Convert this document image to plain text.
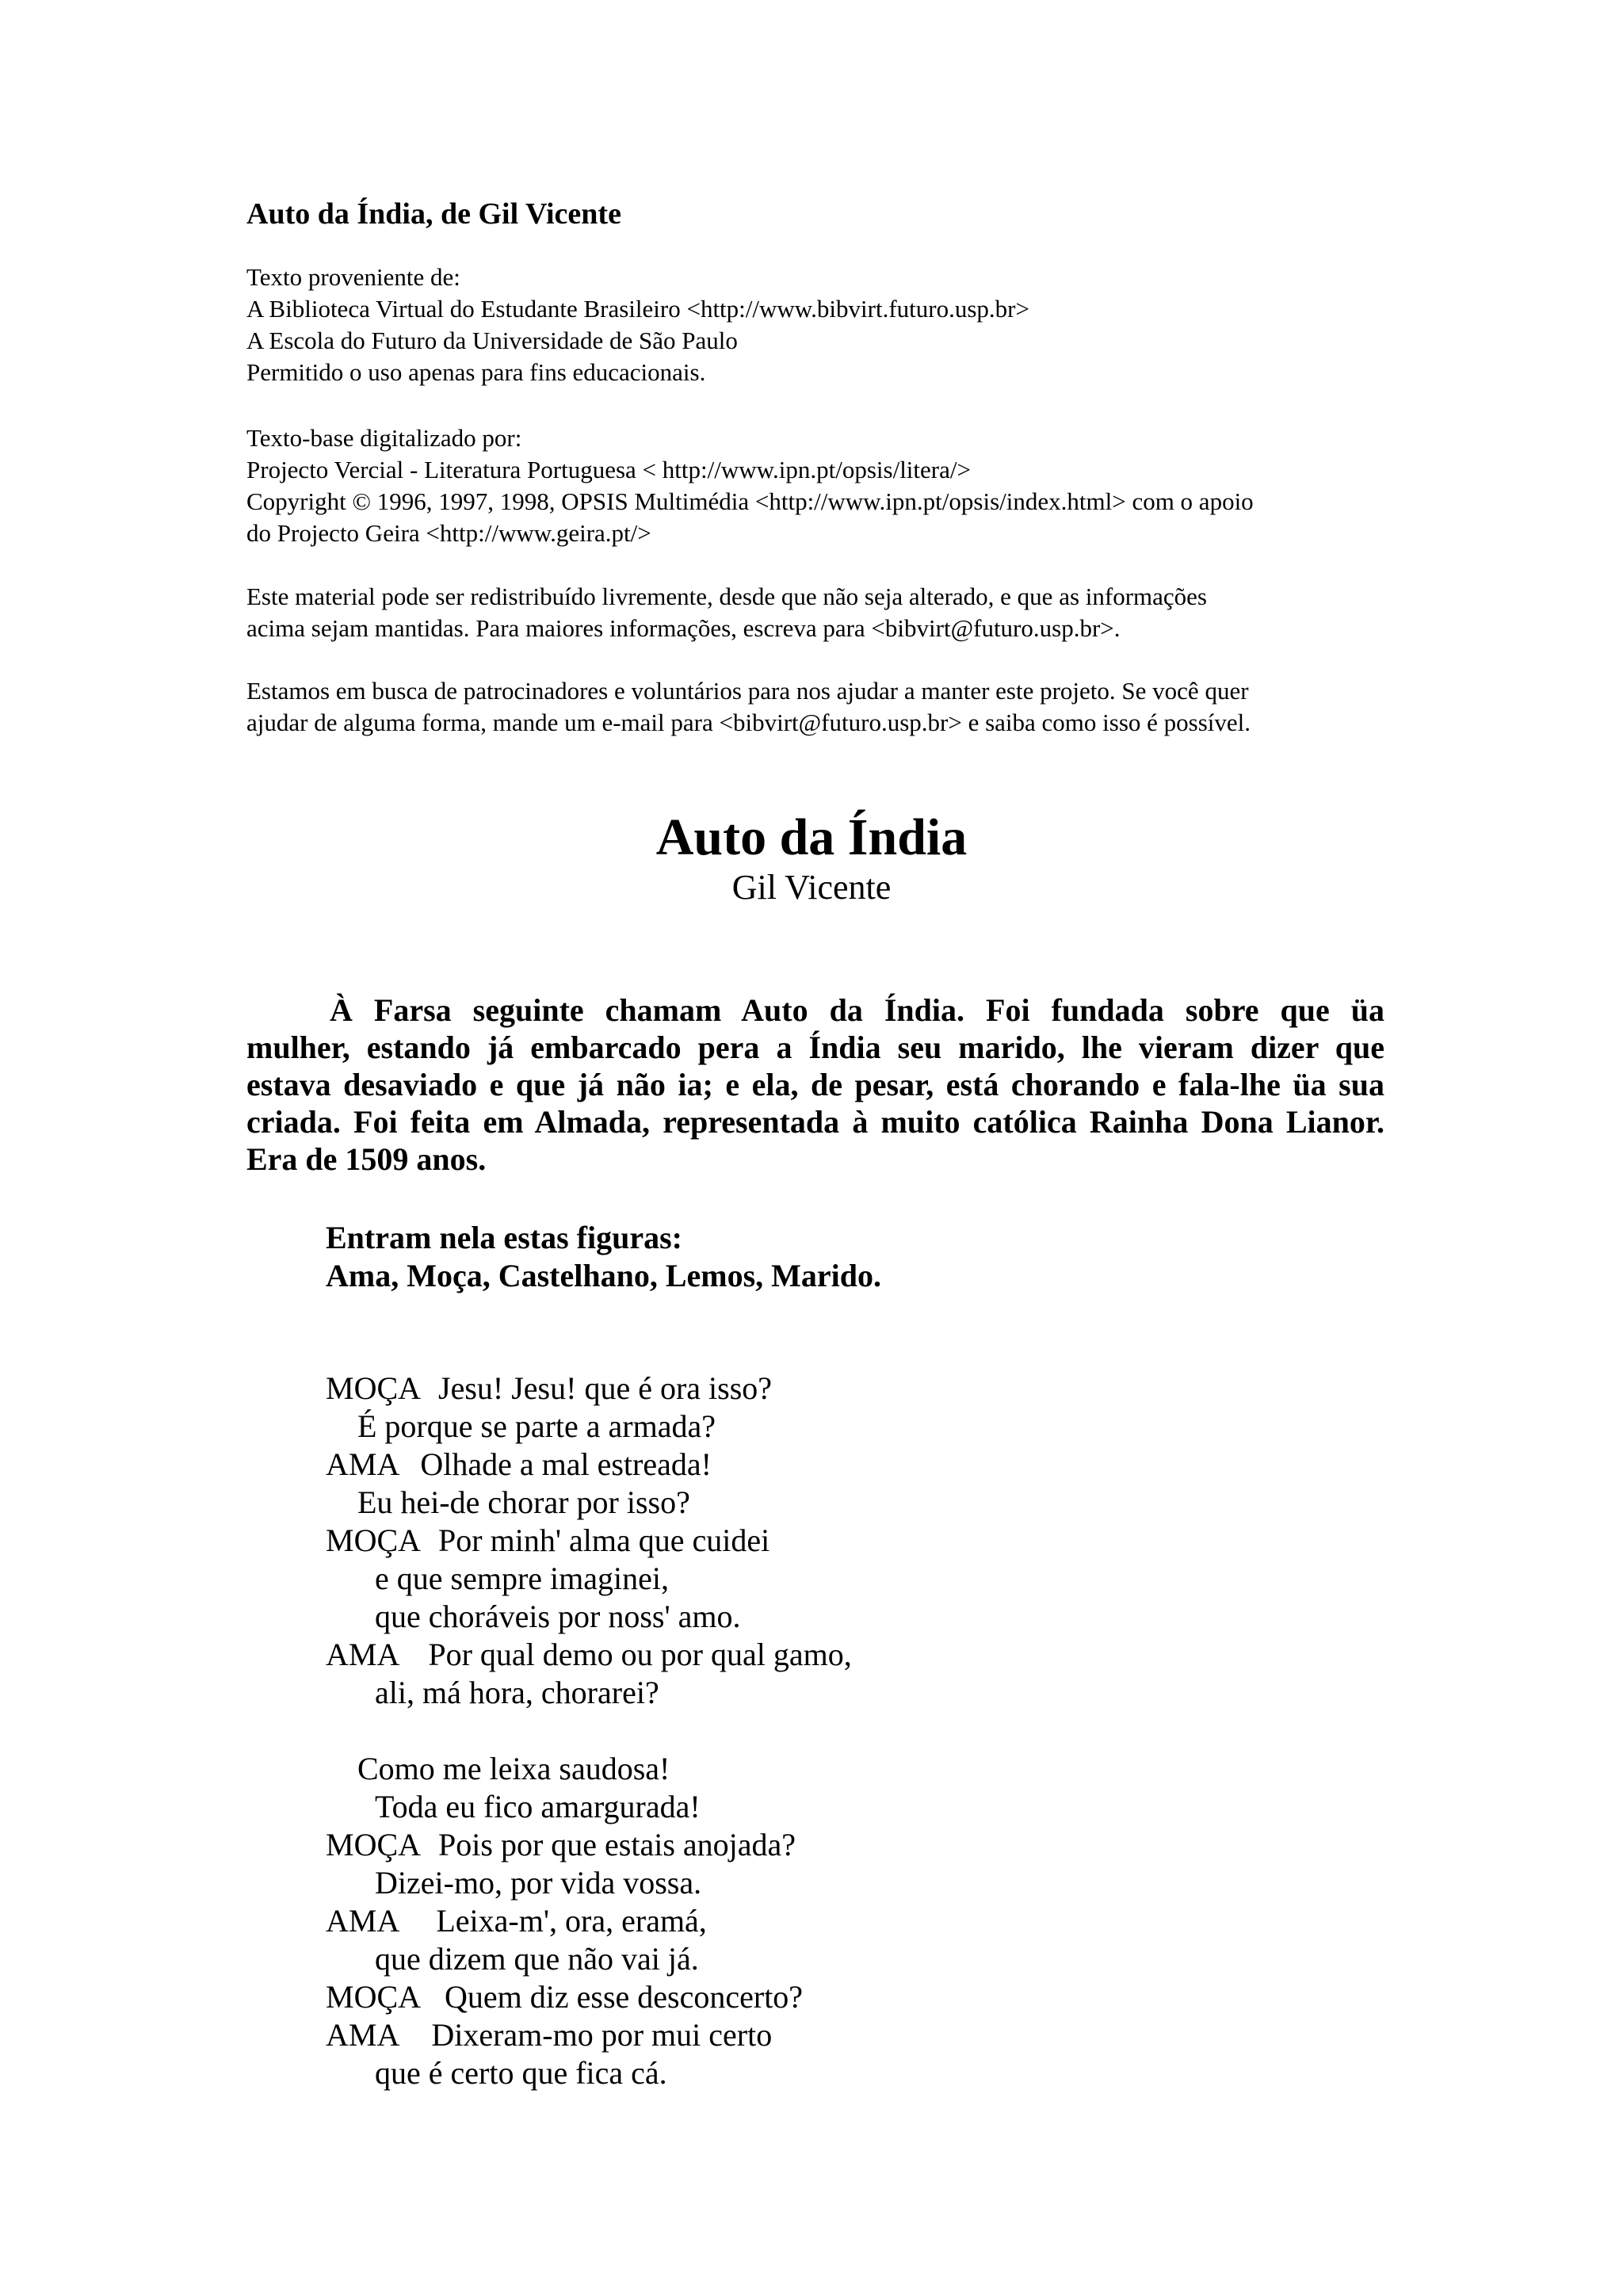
Auto da Índia, de Gil Vicente
Texto proveniente de:
A Biblioteca Virtual do Estudante Brasileiro <http://www.bibvirt.futuro.usp.br>
A Escola do Futuro da Universidade de São Paulo
Permitido o uso apenas para fins educacionais.
Texto-base digitalizado por:
Projecto Vercial - Literatura Portuguesa < http://www.ipn.pt/opsis/litera/>
Copyright © 1996, 1997, 1998, OPSIS Multimédia <http://www.ipn.pt/opsis/index.html> com o apoio
do Projecto Geira <http://www.geira.pt/>
Este material pode ser redistribuído livremente, desde que não seja alterado, e que as informações
acima sejam mantidas. Para maiores informações, escreva para <bibvirt@futuro.usp.br>.
Estamos em busca de patrocinadores e voluntários para nos ajudar a manter este projeto. Se você quer
ajudar de alguma forma, mande um e-mail para <bibvirt@futuro.usp.br> e saiba como isso é possível.
Auto da Índia
Gil Vicente
À Farsa seguinte chamam Auto da Índia. Foi fundada sobre que üa
mulher, estando já embarcado pera a Índia seu marido, lhe vieram dizer que
estava desaviado e que já não ia; e ela, de pesar, está chorando e fala-lhe üa sua
criada. Foi feita em Almada, representada à muito católica Rainha Dona Lianor.
Era de 1509 anos.
Entram nela estas figuras:
Ama, Moça, Castelhano, Lemos, Marido.
MOÇA Jesu! Jesu! que é ora isso?
É porque se parte a armada?
AMA Olhade a mal estreada!
Eu hei-de chorar por isso?
MOÇA Por minh' alma que cuidei
e que sempre imaginei,
que choráveis por noss' amo.
AMA Por qual demo ou por qual gamo,
ali, má hora, chorarei?
Como me leixa saudosa!
Toda eu fico amargurada!
MOÇA Pois por que estais anojada?
Dizei-mo, por vida vossa.
AMA Leixa-m', ora, eramá,
que dizem que não vai já.
MOÇA Quem diz esse desconcerto?
AMA Dixeram-mo por mui certo
que é certo que fica cá.
